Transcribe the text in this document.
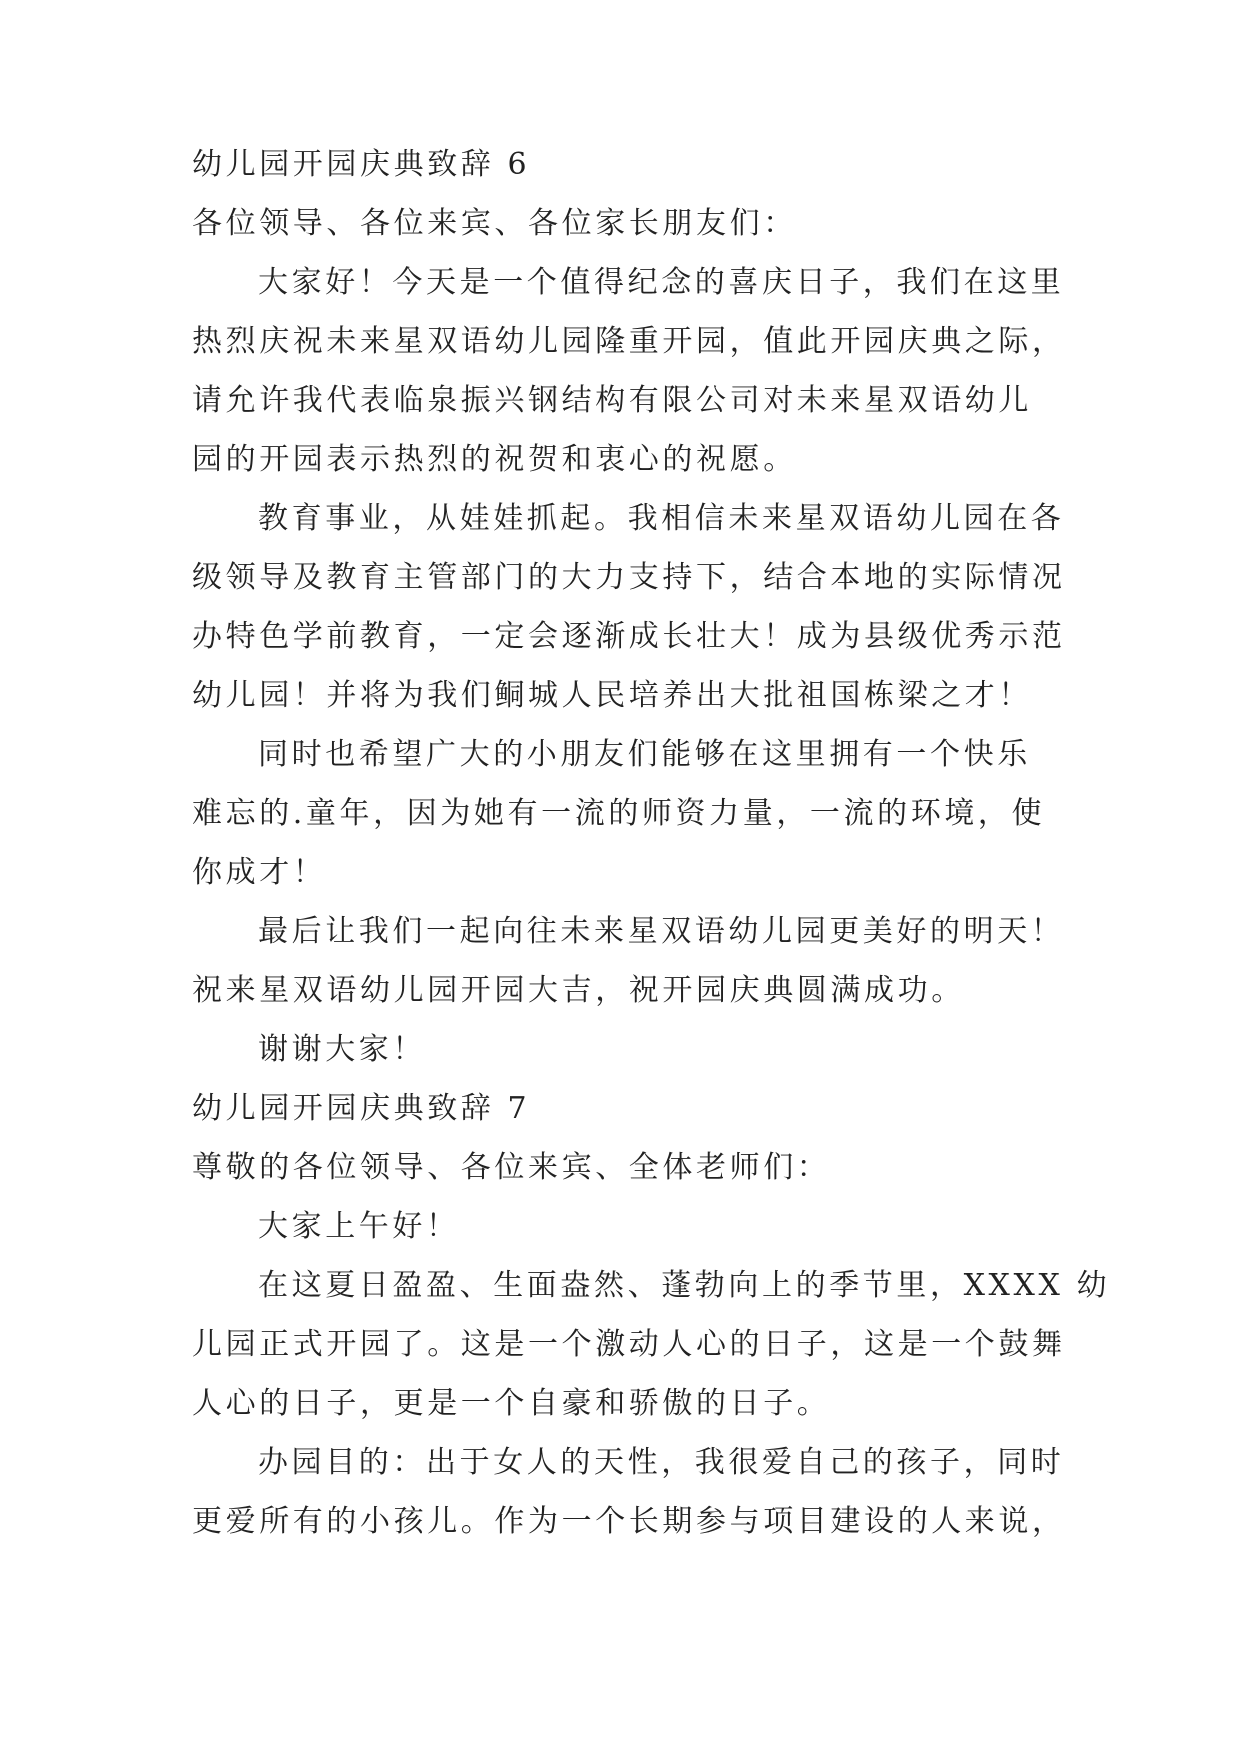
幼儿园开园庆典致辞 6
各位领导、各位来宾、各位家长朋友们：
大家好！今天是一个值得纪念的喜庆日子，我们在这里
热烈庆祝未来星双语幼儿园隆重开园，值此开园庆典之际，
请允许我代表临泉振兴钢结构有限公司对未来星双语幼儿
园的开园表示热烈的祝贺和衷心的祝愿。
教育事业，从娃娃抓起。我相信未来星双语幼儿园在各
级领导及教育主管部门的大力支持下，结合本地的实际情况
办特色学前教育，一定会逐渐成长壮大！成为县级优秀示范
幼儿园！并将为我们鲖城人民培养出大批祖国栋梁之才！
同时也希望广大的小朋友们能够在这里拥有一个快乐
难忘的.童年，因为她有一流的师资力量，一流的环境，使
你成才！
最后让我们一起向往未来星双语幼儿园更美好的明天！
祝来星双语幼儿园开园大吉，祝开园庆典圆满成功。
谢谢大家！
幼儿园开园庆典致辞 7
尊敬的各位领导、各位来宾、全体老师们：
大家上午好！
在这夏日盈盈、生面盎然、蓬勃向上的季节里，XXXX 幼
儿园正式开园了。这是一个激动人心的日子，这是一个鼓舞
人心的日子，更是一个自豪和骄傲的日子。
办园目的：出于女人的天性，我很爱自己的孩子，同时
更爱所有的小孩儿。作为一个长期参与项目建设的人来说，
